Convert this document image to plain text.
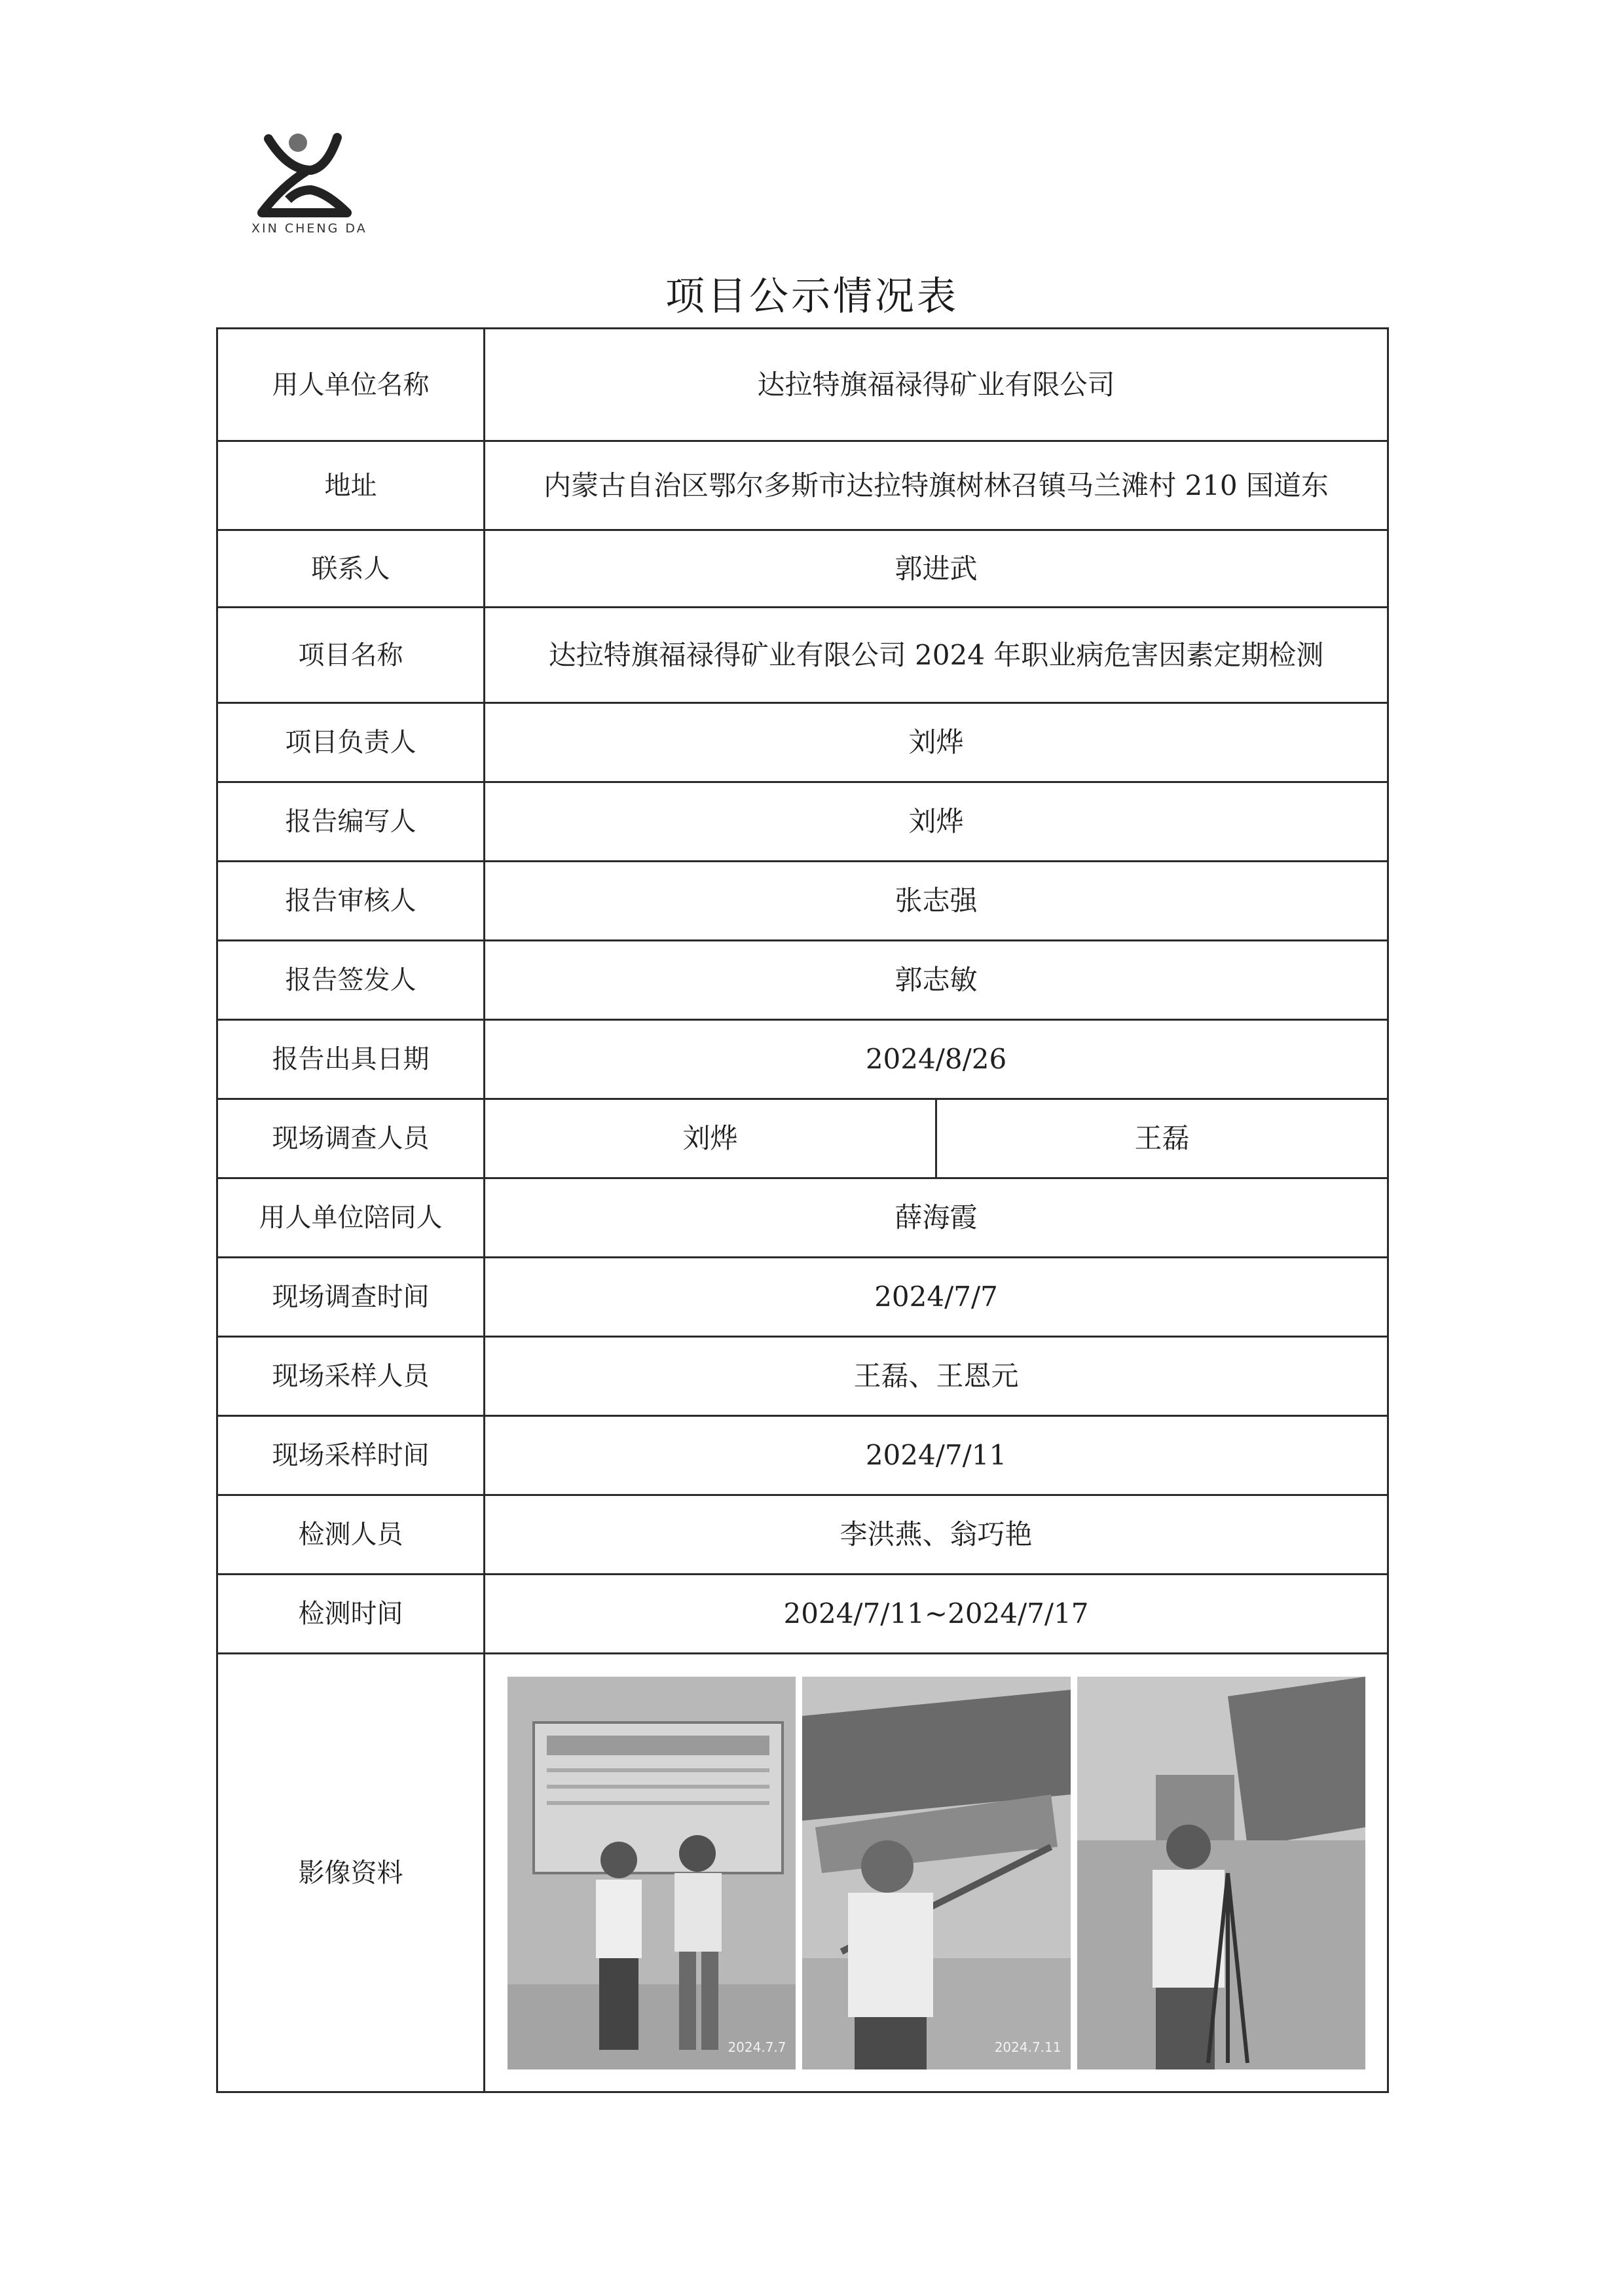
XIN CHENG DA
项目公示情况表
用人单位名称	达拉特旗福禄得矿业有限公司	
地址	内蒙古自治区鄂尔多斯市达拉特旗树林召镇马兰滩村 210 国道东	
联系人	郭进武	
项目名称	达拉特旗福禄得矿业有限公司 2024 年职业病危害因素定期检测	
项目负责人	刘烨	
报告编写人	刘烨	
报告审核人	张志强	
报告签发人	郭志敏	
报告出具日期	2024/8/26	
现场调查人员	刘烨	王磊
用人单位陪同人	薛海霞	
现场调查时间	2024/7/7	
现场采样人员	王磊、王恩元	
现场采样时间	2024/7/11	
检测人员	李洪燕、翁巧艳	
检测时间	2024/7/11~2024/7/17	
影像资料	2024.7.7 2024.7.11	
